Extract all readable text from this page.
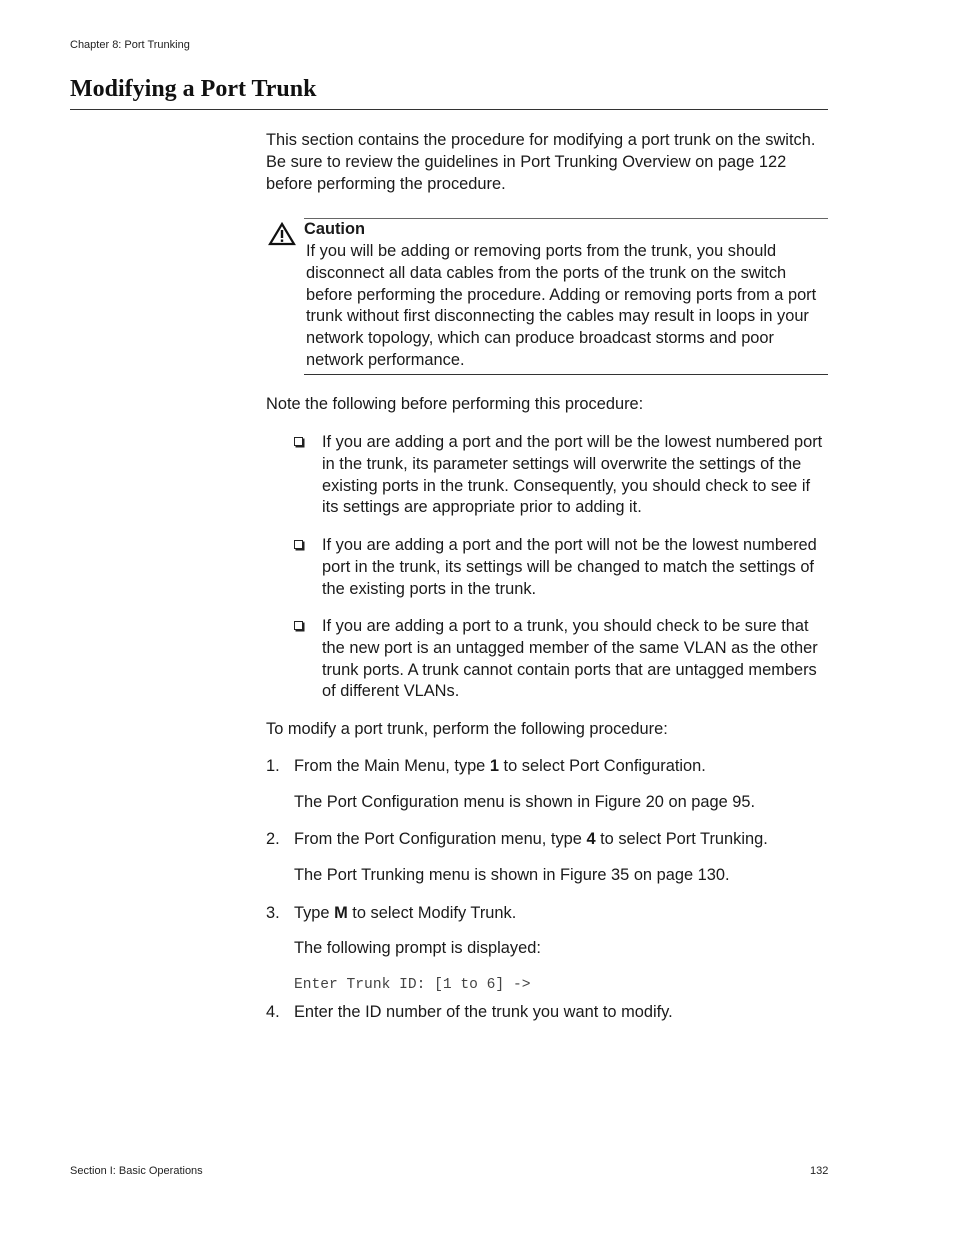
Chapter 8: Port Trunking
Modifying a Port Trunk

This section contains the procedure for modifying a port trunk on the switch. Be sure to review the guidelines in Port Trunking Overview on page 122 before performing the procedure.

Caution

If you will be adding or removing ports from the trunk, you should disconnect all data cables from the ports of the trunk on the switch before performing the procedure. Adding or removing ports from a port trunk without first disconnecting the cables may result in loops in your network topology, which can produce broadcast storms and poor network performance.

Note the following before performing this procedure:
If you are adding a port and the port will be the lowest numbered port in the trunk, its parameter settings will overwrite the settings of the existing ports in the trunk. Consequently, you should check to see if its settings are appropriate prior to adding it.
If you are adding a port and the port will not be the lowest numbered port in the trunk, its settings will be changed to match the settings of the existing ports in the trunk.
If you are adding a port to a trunk, you should check to be sure that the new port is an untagged member of the same VLAN as the other trunk ports. A trunk cannot contain ports that are untagged members of different VLANs.
To modify a port trunk, perform the following procedure:
1. From the Main Menu, type 1 to select Port Configuration.
The Port Configuration menu is shown in Figure 20 on page 95.
2. From the Port Configuration menu, type 4 to select Port Trunking.
The Port Trunking menu is shown in Figure 35 on page 130.
3. Type M to select Modify Trunk.
The following prompt is displayed:
Enter Trunk ID: [1 to 6] ->
4. Enter the ID number of the trunk you want to modify.
Section I: Basic Operations	132
